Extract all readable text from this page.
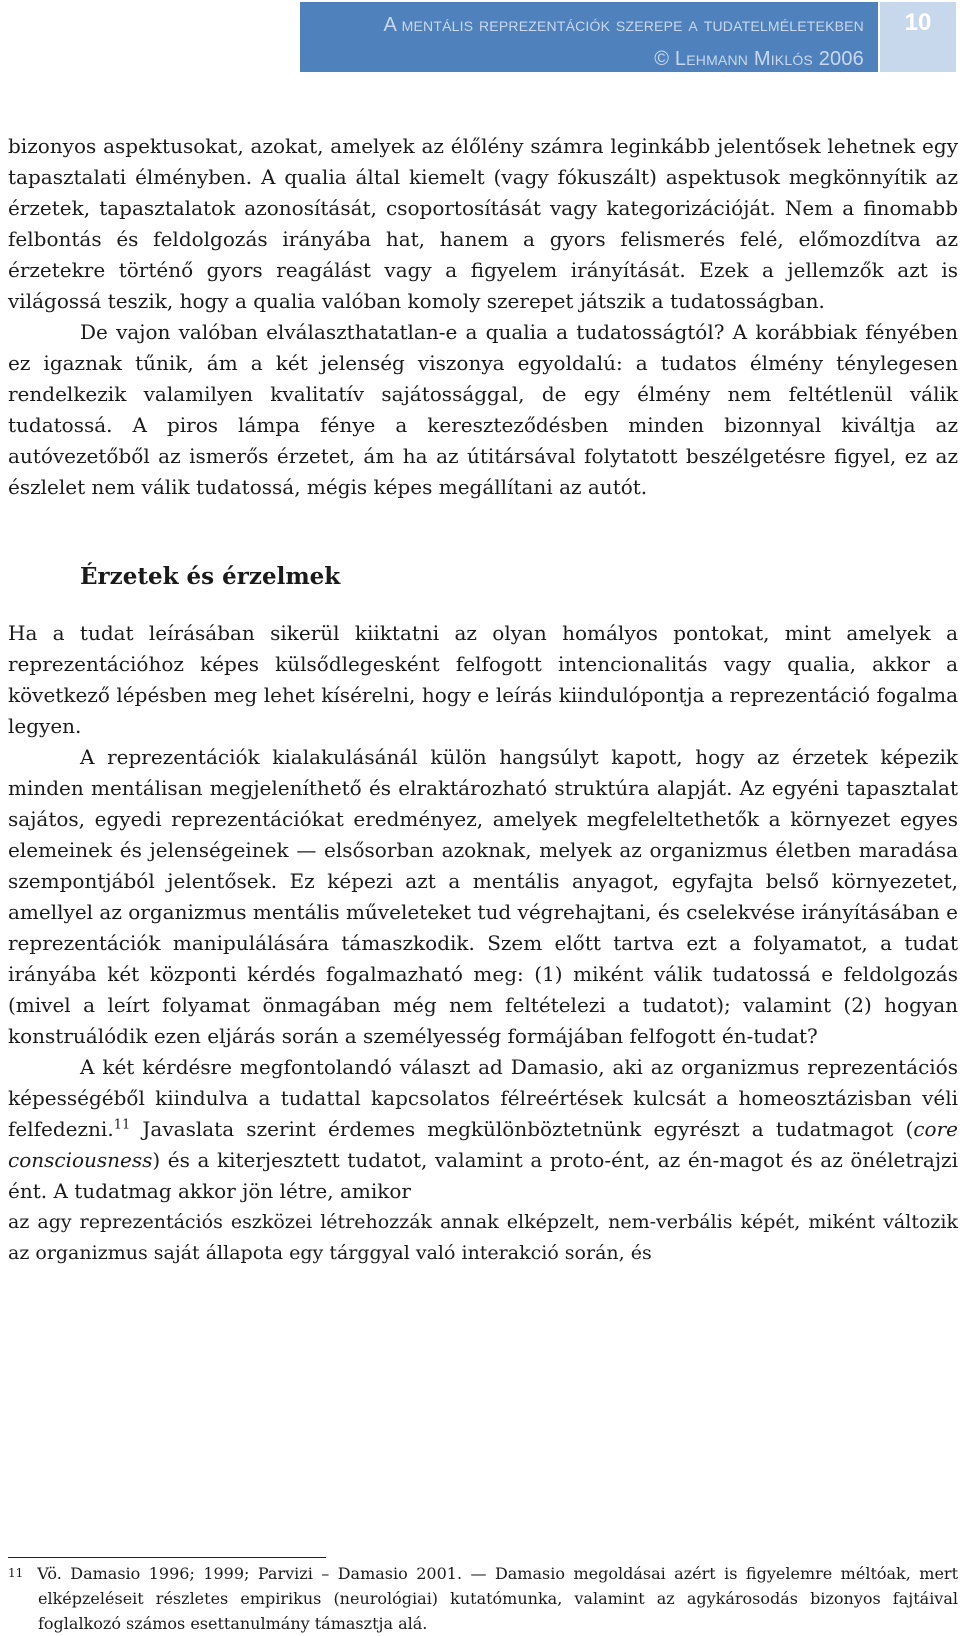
A mentális reprezentációk szerepe a tudatelméletekben
© Lehmann Miklós 2006
10

bizonyos aspektusokat, azokat, amelyek az élőlény számra leginkább jelentősek lehetnek egy tapasztalati élményben. A qualia által kiemelt (vagy fókuszált) aspektusok megkönnyítik az érzetek, tapasztalatok azonosítását, csoportosítását vagy kategorizációját. Nem a finomabb felbontás és feldolgozás irányába hat, hanem a gyors felismerés felé, előmozdítva az érzetekre történő gyors reagálást vagy a figyelem irányítását. Ezek a jellemzők azt is világossá teszik, hogy a qualia valóban komoly szerepet játszik a tudatosságban.

De vajon valóban elválaszthatatlan-e a qualia a tudatosságtól? A korábbiak fényében ez igaznak tűnik, ám a két jelenség viszonya egyoldalú: a tudatos élmény ténylegesen rendelkezik valamilyen kvalitatív sajátossággal, de egy élmény nem feltétlenül válik tudatossá. A piros lámpa fénye a kereszteződésben minden bizonnyal kiváltja az autóvezetőből az ismerős érzetet, ám ha az útitársával folytatott beszélgetésre figyel, ez az észlelet nem válik tudatossá, mégis képes megállítani az autót.

Érzetek és érzelmek

Ha a tudat leírásában sikerül kiiktatni az olyan homályos pontokat, mint amelyek a reprezentációhoz képes külsődlegesként felfogott intencionalitás vagy qualia, akkor a következő lépésben meg lehet kísérelni, hogy e leírás kiindulópontja a reprezentáció fogalma legyen.

A reprezentációk kialakulásánál külön hangsúlyt kapott, hogy az érzetek képezik minden mentálisan megjeleníthető és elraktározható struktúra alapját. Az egyéni tapasztalat sajátos, egyedi reprezentációkat eredményez, amelyek megfeleltethetők a környezet egyes elemeinek és jelenségeinek — elsősorban azoknak, melyek az organizmus életben maradása szempontjából jelentősek. Ez képezi azt a mentális anyagot, egyfajta belső környezetet, amellyel az organizmus mentális műveleteket tud végrehajtani, és cselekvése irányításában e reprezentációk manipulálására támaszkodik. Szem előtt tartva ezt a folyamatot, a tudat irányába két központi kérdés fogalmazható meg: (1) miként válik tudatossá e feldolgozás (mivel a leírt folyamat önmagában még nem feltételezi a tudatot); valamint (2) hogyan konstruálódik ezen eljárás során a személyesség formájában felfogott én-tudat?

A két kérdésre megfontolandó választ ad Damasio, aki az organizmus reprezentációs képességéből kiindulva a tudattal kapcsolatos félreértések kulcsát a homeosztázisban véli felfedezni.$^{11}$ Javaslata szerint érdemes megkülönböztetnünk egyrészt a tudatmagot (core consciousness) és a kiterjesztett tudatot, valamint a proto-ént, az én-magot és az önéletrajzi ént. A tudatmag akkor jön létre, amikor

az agy reprezentációs eszközei létrehozzák annak elképzelt, nem-verbális képét, miként változik az organizmus saját állapota egy tárggyal való interakció során, és

$^{11}$ Vö. Damasio 1996; 1999; Parvizi – Damasio 2001. — Damasio megoldásai azért is figyelemre méltóak, mert elképzeléseit részletes empirikus (neurológiai) kutatómunka, valamint az agykárosodás bizonyos fajtáival foglalkozó számos esettanulmány támasztja alá.
